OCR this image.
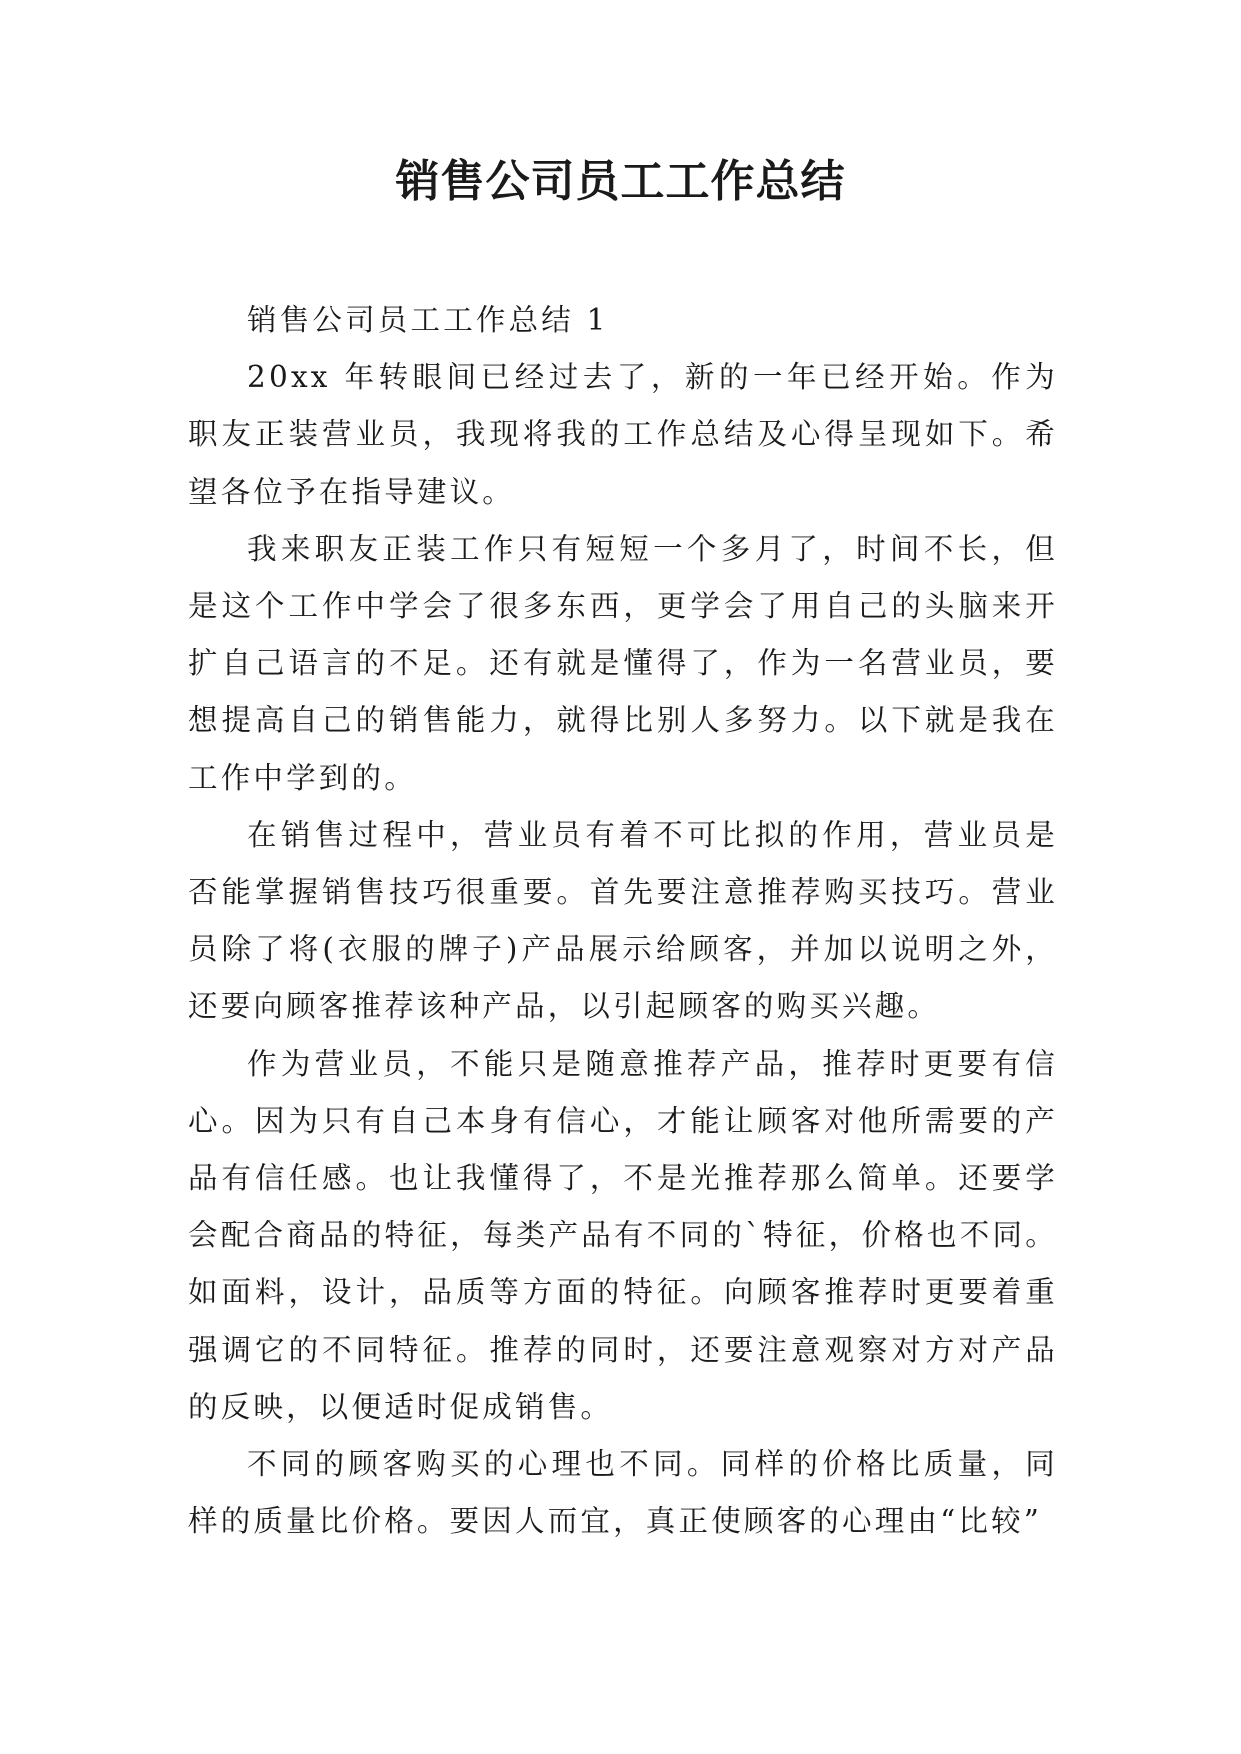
销售公司员工工作总结

销售公司员工工作总结 1

20xx 年转眼间已经过去了，新的一年已经开始。作为职友正装营业员，我现将我的工作总结及心得呈现如下。希望各位予在指导建议。

我来职友正装工作只有短短一个多月了，时间不长，但是这个工作中学会了很多东西，更学会了用自己的头脑来开扩自己语言的不足。还有就是懂得了，作为一名营业员，要想提高自己的销售能力，就得比别人多努力。以下就是我在工作中学到的。

在销售过程中，营业员有着不可比拟的作用，营业员是否能掌握销售技巧很重要。首先要注意推荐购买技巧。营业员除了将(衣服的牌子)产品展示给顾客，并加以说明之外，还要向顾客推荐该种产品，以引起顾客的购买兴趣。

作为营业员，不能只是随意推荐产品，推荐时更要有信心。因为只有自己本身有信心，才能让顾客对他所需要的产品有信任感。也让我懂得了，不是光推荐那么简单。还要学会配合商品的特征，每类产品有不同的`特征，价格也不同。如面料，设计，品质等方面的特征。向顾客推荐时更要着重强调它的不同特征。推荐的同时，还要注意观察对方对产品的反映，以便适时促成销售。

不同的顾客购买的心理也不同。同样的价格比质量，同样的质量比价格。要因人而宜，真正使顾客的心理由“比较”
